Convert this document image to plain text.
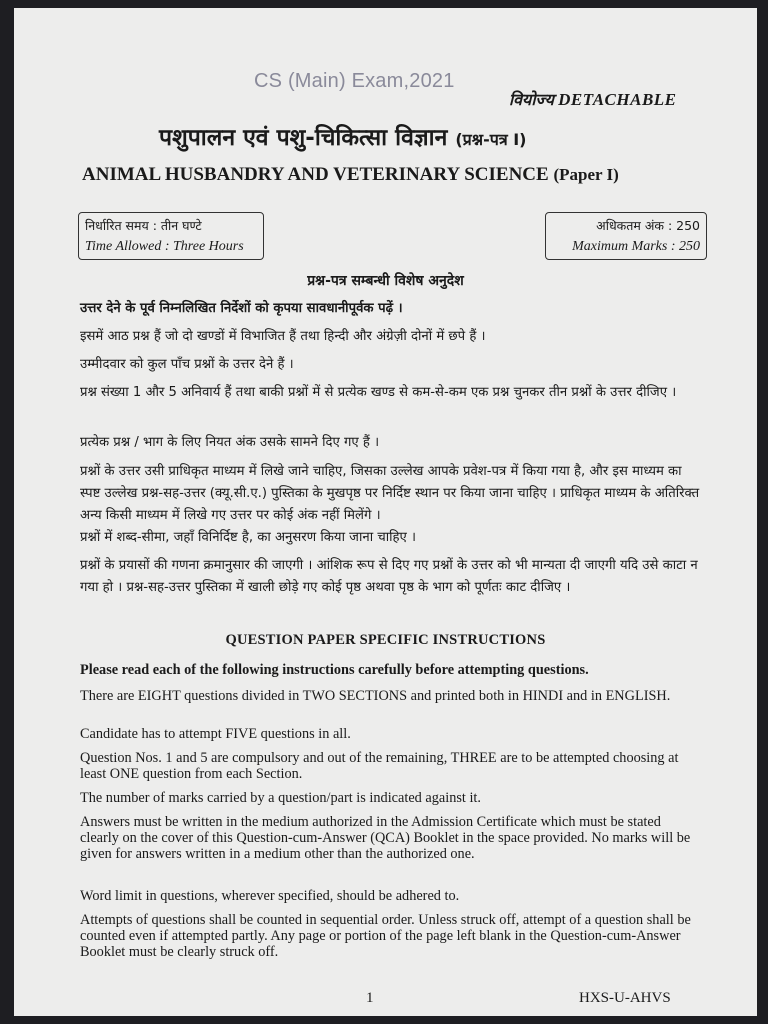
CS (Main) Exam,2021
वियोज्य DETACHABLE
पशुपालन एवं पशु-चिकित्सा विज्ञान (प्रश्न-पत्र I)
ANIMAL HUSBANDRY AND VETERINARY SCIENCE (Paper I)
निर्धारित समय : तीन घण्टे
Time Allowed : Three Hours
अधिकतम अंक : 250
Maximum Marks : 250
प्रश्न-पत्र सम्बन्धी विशेष अनुदेश
उत्तर देने के पूर्व निम्नलिखित निर्देशों को कृपया सावधानीपूर्वक पढ़ें ।
इसमें आठ प्रश्न हैं जो दो खण्डों में विभाजित हैं तथा हिन्दी और अंग्रेज़ी दोनों में छपे हैं ।
उम्मीदवार को कुल पाँच प्रश्नों के उत्तर देने हैं ।
प्रश्न संख्या 1 और 5 अनिवार्य हैं तथा बाकी प्रश्नों में से प्रत्येक खण्ड से कम-से-कम एक प्रश्न चुनकर तीन प्रश्नों के उत्तर दीजिए ।
प्रत्येक प्रश्न / भाग के लिए नियत अंक उसके सामने दिए गए हैं ।
प्रश्नों के उत्तर उसी प्राधिकृत माध्यम में लिखे जाने चाहिए, जिसका उल्लेख आपके प्रवेश-पत्र में किया गया है, और इस माध्यम का स्पष्ट उल्लेख प्रश्न-सह-उत्तर (क्यू.सी.ए.) पुस्तिका के मुखपृष्ठ पर निर्दिष्ट स्थान पर किया जाना चाहिए । प्राधिकृत माध्यम के अतिरिक्त अन्य किसी माध्यम में लिखे गए उत्तर पर कोई अंक नहीं मिलेंगे ।
प्रश्नों में शब्द-सीमा, जहाँ विनिर्दिष्ट है, का अनुसरण किया जाना चाहिए ।
प्रश्नों के प्रयासों की गणना क्रमानुसार की जाएगी । आंशिक रूप से दिए गए प्रश्नों के उत्तर को भी मान्यता दी जाएगी यदि उसे काटा न गया हो । प्रश्न-सह-उत्तर पुस्तिका में खाली छोड़े गए कोई पृष्ठ अथवा पृष्ठ के भाग को पूर्णतः काट दीजिए ।
QUESTION PAPER SPECIFIC INSTRUCTIONS
Please read each of the following instructions carefully before attempting questions.
There are EIGHT questions divided in TWO SECTIONS and printed both in HINDI and in ENGLISH.
Candidate has to attempt FIVE questions in all.
Question Nos. 1 and 5 are compulsory and out of the remaining, THREE are to be attempted choosing at least ONE question from each Section.
The number of marks carried by a question/part is indicated against it.
Answers must be written in the medium authorized in the Admission Certificate which must be stated clearly on the cover of this Question-cum-Answer (QCA) Booklet in the space provided. No marks will be given for answers written in a medium other than the authorized one.
Word limit in questions, wherever specified, should be adhered to.
Attempts of questions shall be counted in sequential order. Unless struck off, attempt of a question shall be counted even if attempted partly. Any page or portion of the page left blank in the Question-cum-Answer Booklet must be clearly struck off.
1	HXS-U-AHVS
